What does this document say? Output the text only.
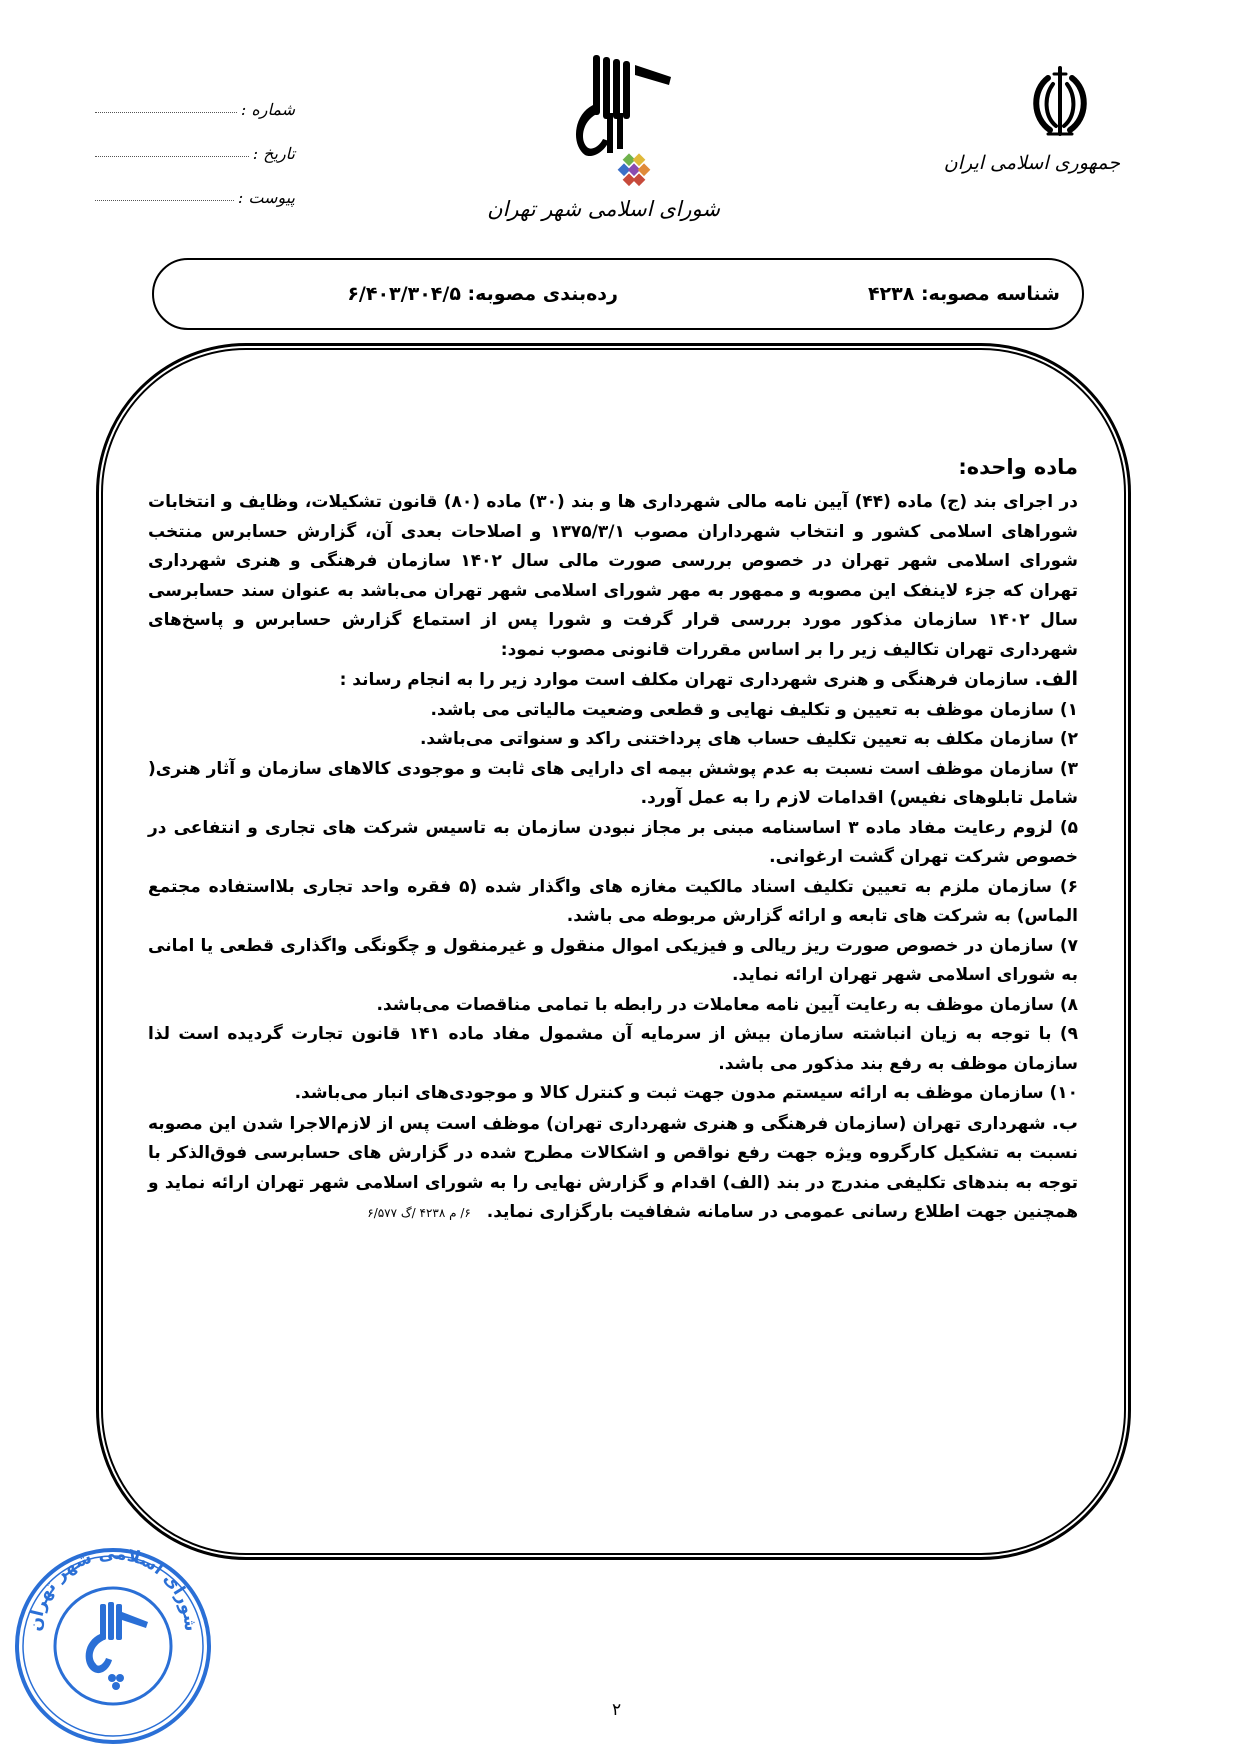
جمهوری اسلامی ایران
شورای اسلامی شهر تهران
شماره :
تاریخ :
پیوست :
شناسه مصوبه: ۴۲۳۸
رده‌بندی مصوبه: ۶/۴۰۳/۳۰۴/۵
ماده واحده:

در اجرای بند (ج) ماده (۴۴) آیین نامه مالی شهرداری ها و بند (۳۰) ماده (۸۰) قانون تشکیلات، وظایف و انتخابات شوراهای اسلامی کشور و انتخاب شهرداران مصوب ۱۳۷۵/۳/۱ و اصلاحات بعدی آن، گزارش حسابرس منتخب شورای اسلامی شهر تهران در خصوص بررسی صورت مالی سال ۱۴۰۲ سازمان فرهنگی و هنری شهرداری تهران که جزء لاینفک این مصوبه و ممهور به مهر شورای اسلامی شهر تهران می‌باشد به عنوان سند حسابرسی سال ۱۴۰۲ سازمان مذکور مورد بررسی قرار گرفت و شورا پس از استماع گزارش حسابرس و پاسخ‌های شهرداری تهران تکالیف زیر را بر اساس مقررات قانونی مصوب نمود:

الف. سازمان فرهنگی و هنری شهرداری تهران مکلف است موارد زیر را به انجام رساند :

۱) سازمان موظف به تعیین و تکلیف نهایی و قطعی وضعیت مالیاتی می باشد.

۲) سازمان مکلف به تعیین تکلیف حساب های پرداختنی راکد و سنواتی می‌باشد.

۳) سازمان موظف است نسبت به عدم پوشش بیمه ای دارایی های ثابت و موجودی کالاهای سازمان و آثار هنری( شامل تابلوهای نفیس) اقدامات لازم را به عمل آورد.

۵) لزوم رعایت مفاد ماده ۳ اساسنامه مبنی بر مجاز نبودن سازمان به تاسیس شرکت های تجاری و انتفاعی در خصوص شرکت تهران گشت ارغوانی.

۶) سازمان ملزم به تعیین تکلیف اسناد مالکیت مغازه های واگذار شده (۵ فقره واحد تجاری بلااستفاده مجتمع الماس) به شرکت های تابعه و ارائه گزارش مربوطه می باشد.

۷) سازمان در خصوص صورت ریز ریالی و فیزیکی اموال منقول و غیرمنقول و چگونگی واگذاری قطعی یا امانی به شورای اسلامی شهر تهران ارائه نماید.

۸) سازمان موظف به رعایت آیین نامه معاملات در رابطه با تمامی مناقصات می‌باشد.

۹) با توجه به زیان انباشته سازمان بیش از سرمایه آن مشمول مفاد ماده ۱۴۱ قانون تجارت گردیده است لذا سازمان موظف به رفع بند مذکور می باشد.

۱۰) سازمان موظف به ارائه سیستم مدون جهت ثبت و کنترل کالا و موجودی‌های انبار می‌باشد.

ب. شهرداری تهران (سازمان فرهنگی و هنری شهرداری تهران) موظف است پس از لازم‌الاجرا شدن این مصوبه نسبت به تشکیل کارگروه ویژه جهت رفع نواقص و اشکالات مطرح شده در گزارش های حسابرسی فوق‌الذکر با توجه به بندهای تکلیفی مندرج در بند (الف) اقدام و گزارش نهایی را به شورای اسلامی شهر تهران ارائه نماید و همچنین جهت اطلاع رسانی عمومی در سامانه شفافیت بارگزاری نماید. ۶/ م ۴۲۳۸ /گ ۶/۵۷۷

شورای اسلامی شهر تهران
۲
